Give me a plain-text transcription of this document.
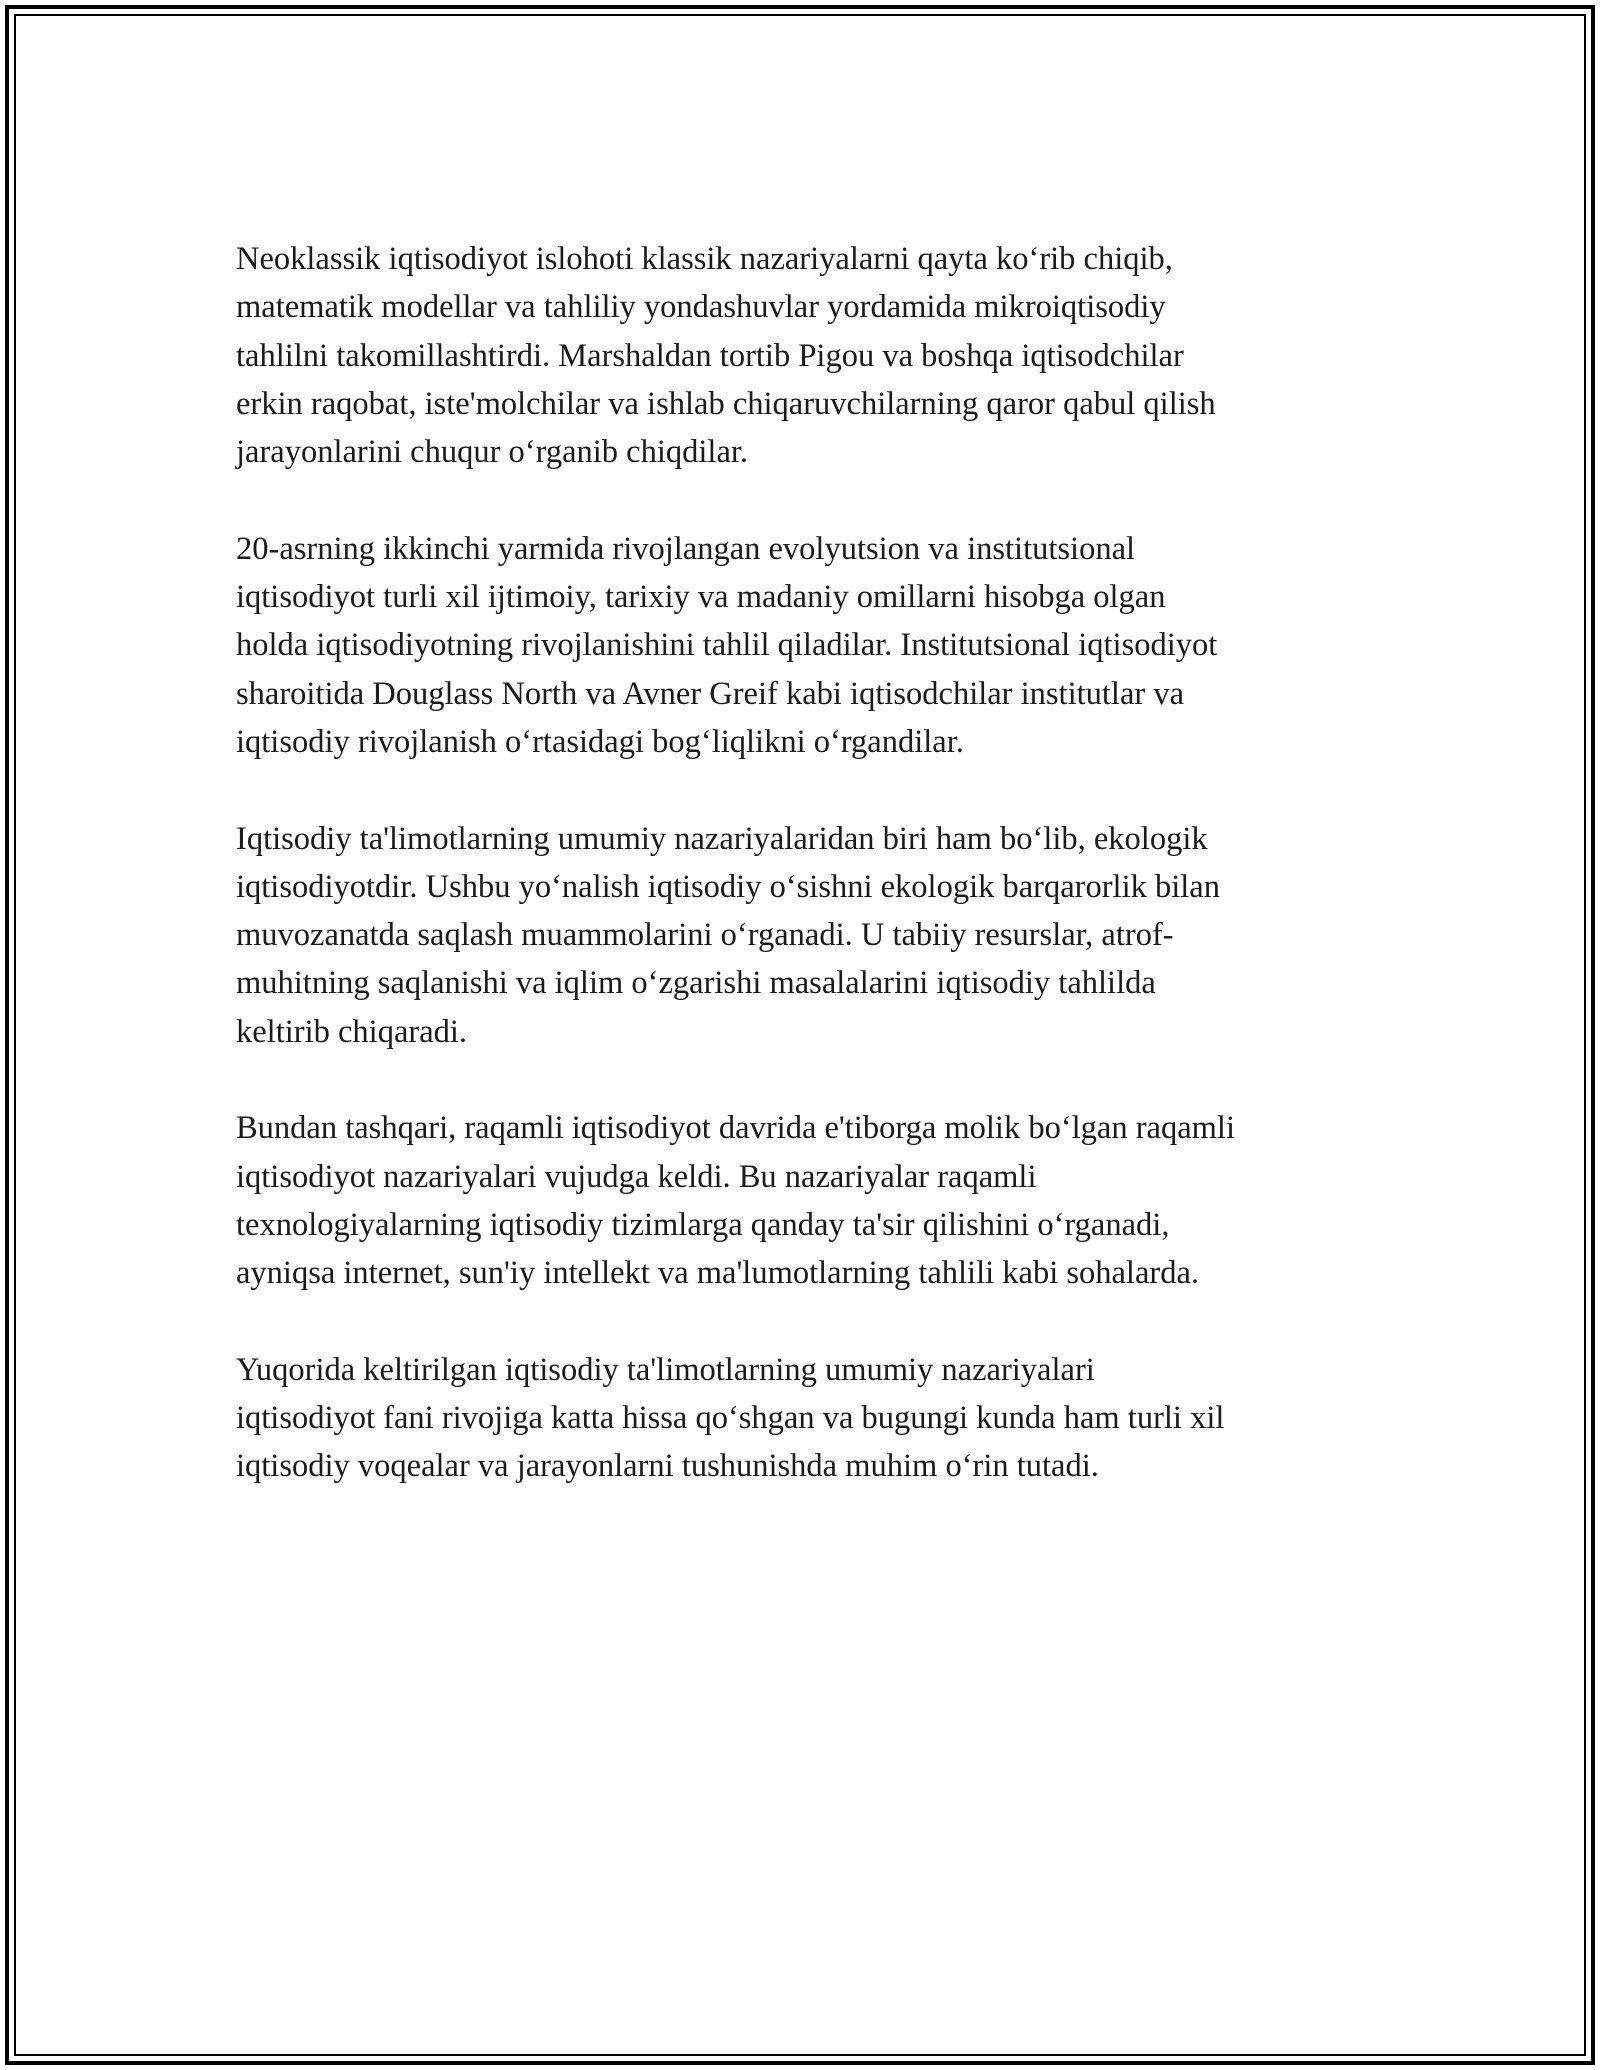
Neoklassik iqtisodiyot islohoti klassik nazariyalarni qayta koʻrib chiqib,
matematik modellar va tahliliy yondashuvlar yordamida mikroiqtisodiy
tahlilni takomillashtirdi. Marshaldan tortib Pigou va boshqa iqtisodchilar
erkin raqobat, iste'molchilar va ishlab chiqaruvchilarning qaror qabul qilish
jarayonlarini chuqur oʻrganib chiqdilar.

20-asrning ikkinchi yarmida rivojlangan evolyutsion va institutsional
iqtisodiyot turli xil ijtimoiy, tarixiy va madaniy omillarni hisobga olgan
holda iqtisodiyotning rivojlanishini tahlil qiladilar. Institutsional iqtisodiyot
sharoitida Douglass North va Avner Greif kabi iqtisodchilar institutlar va
iqtisodiy rivojlanish oʻrtasidagi bogʻliqlikni oʻrgandilar.

Iqtisodiy ta'limotlarning umumiy nazariyalaridan biri ham boʻlib, ekologik
iqtisodiyotdir. Ushbu yoʻnalish iqtisodiy oʻsishni ekologik barqarorlik bilan
muvozanatda saqlash muammolarini oʻrganadi. U tabiiy resurslar, atrof-
muhitning saqlanishi va iqlim oʻzgarishi masalalarini iqtisodiy tahlilda
keltirib chiqaradi.

Bundan tashqari, raqamli iqtisodiyot davrida e'tiborga molik boʻlgan raqamli
iqtisodiyot nazariyalari vujudga keldi. Bu nazariyalar raqamli
texnologiyalarning iqtisodiy tizimlarga qanday ta'sir qilishini oʻrganadi,
ayniqsa internet, sun'iy intellekt va ma'lumotlarning tahlili kabi sohalarda.

Yuqorida keltirilgan iqtisodiy ta'limotlarning umumiy nazariyalari
iqtisodiyot fani rivojiga katta hissa qoʻshgan va bugungi kunda ham turli xil
iqtisodiy voqealar va jarayonlarni tushunishda muhim oʻrin tutadi.
